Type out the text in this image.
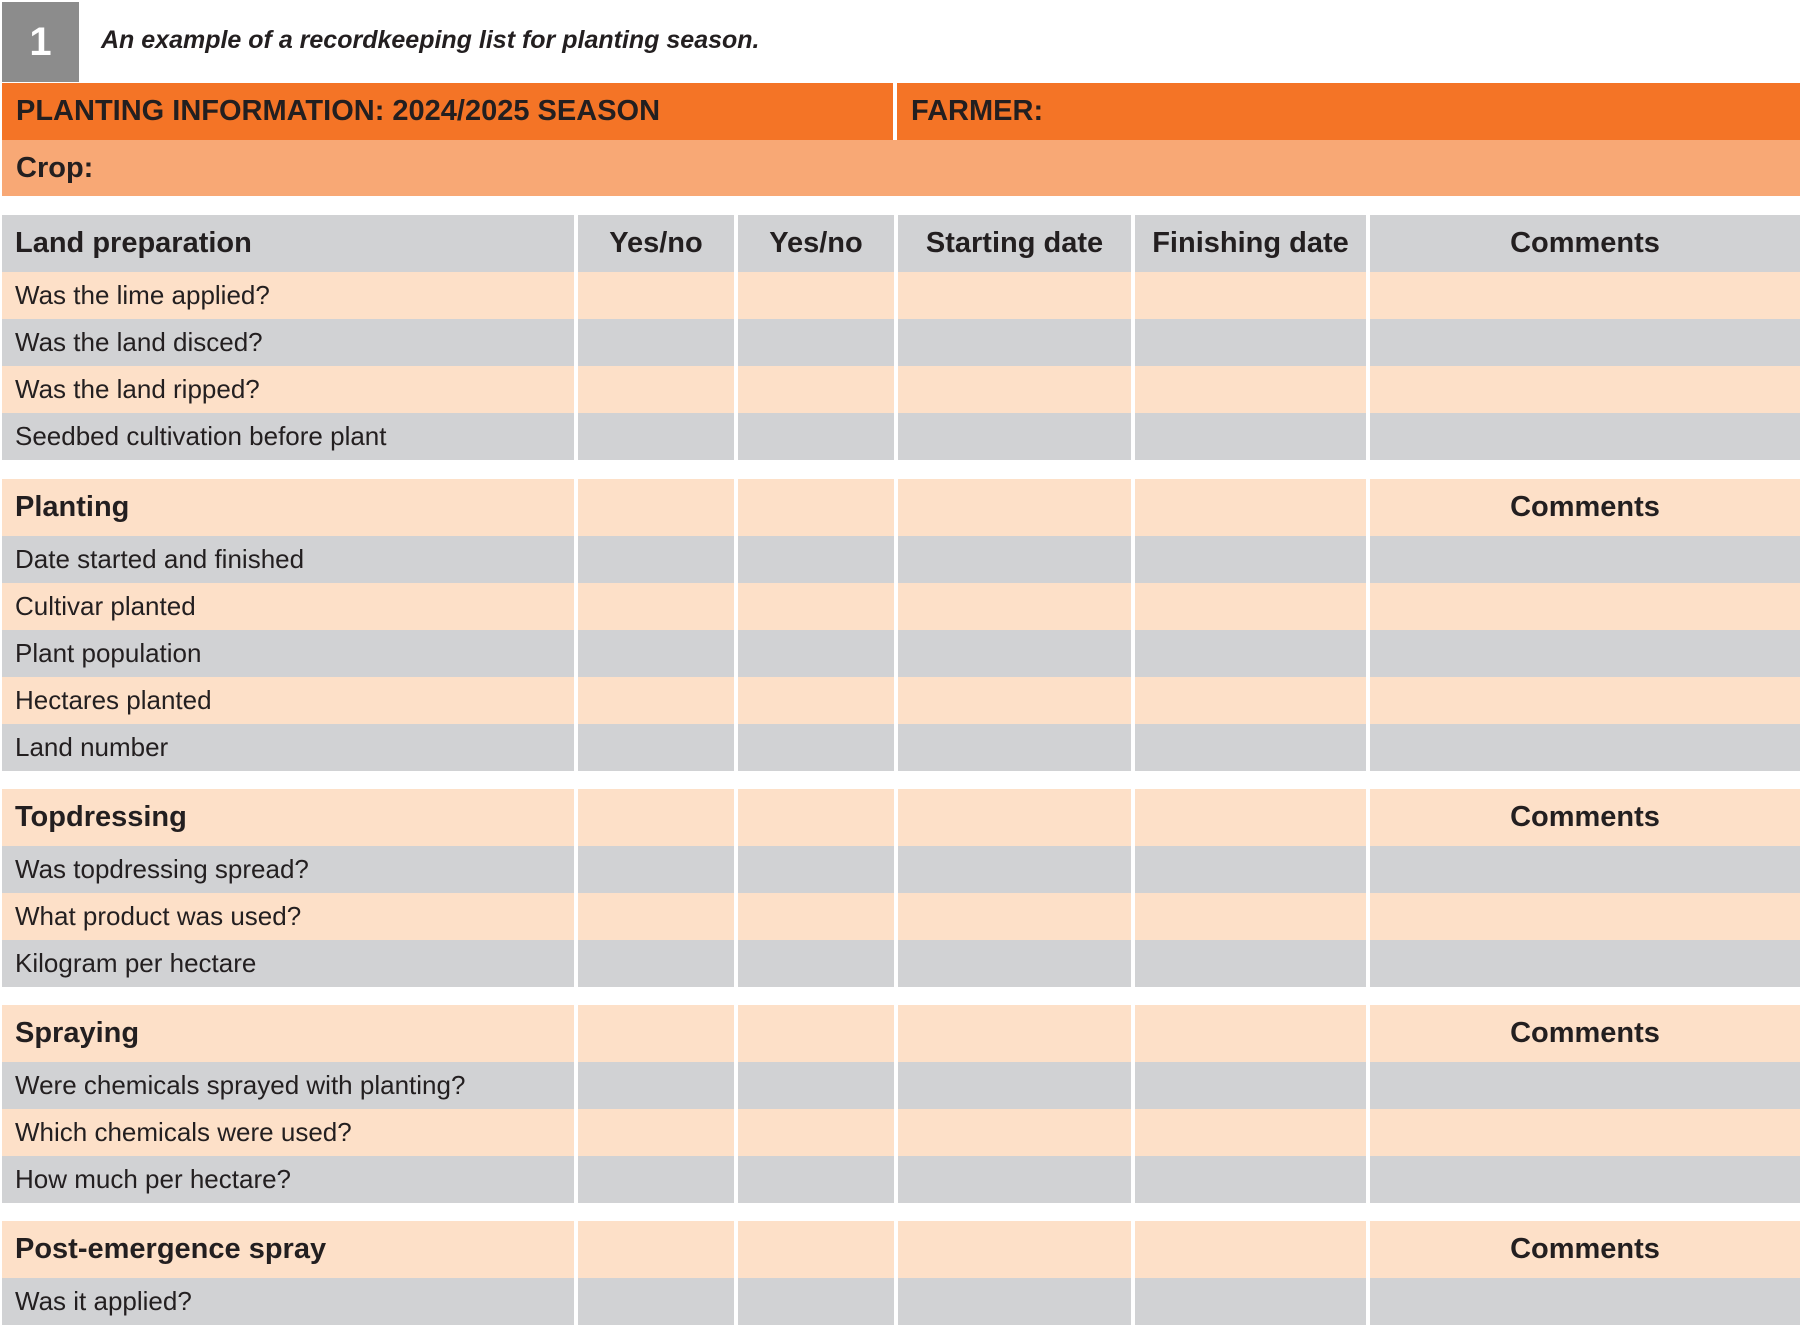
1	An example of a recordkeeping list for planting season.
PLANTING INFORMATION: 2024/2025 SEASON	FARMER:
Crop:
Land preparation	Yes/no	Yes/no	Starting date	Finishing date	Comments
Was the lime applied?
Was the land disced?
Was the land ripped?
Seedbed cultivation before plant
Planting	Comments
Date started and finished
Cultivar planted
Plant population
Hectares planted
Land number
Topdressing	Comments
Was topdressing spread?
What product was used?
Kilogram per hectare
Spraying	Comments
Were chemicals sprayed with planting?
Which chemicals were used?
How much per hectare?
Post-emergence spray	Comments
Was it applied?
